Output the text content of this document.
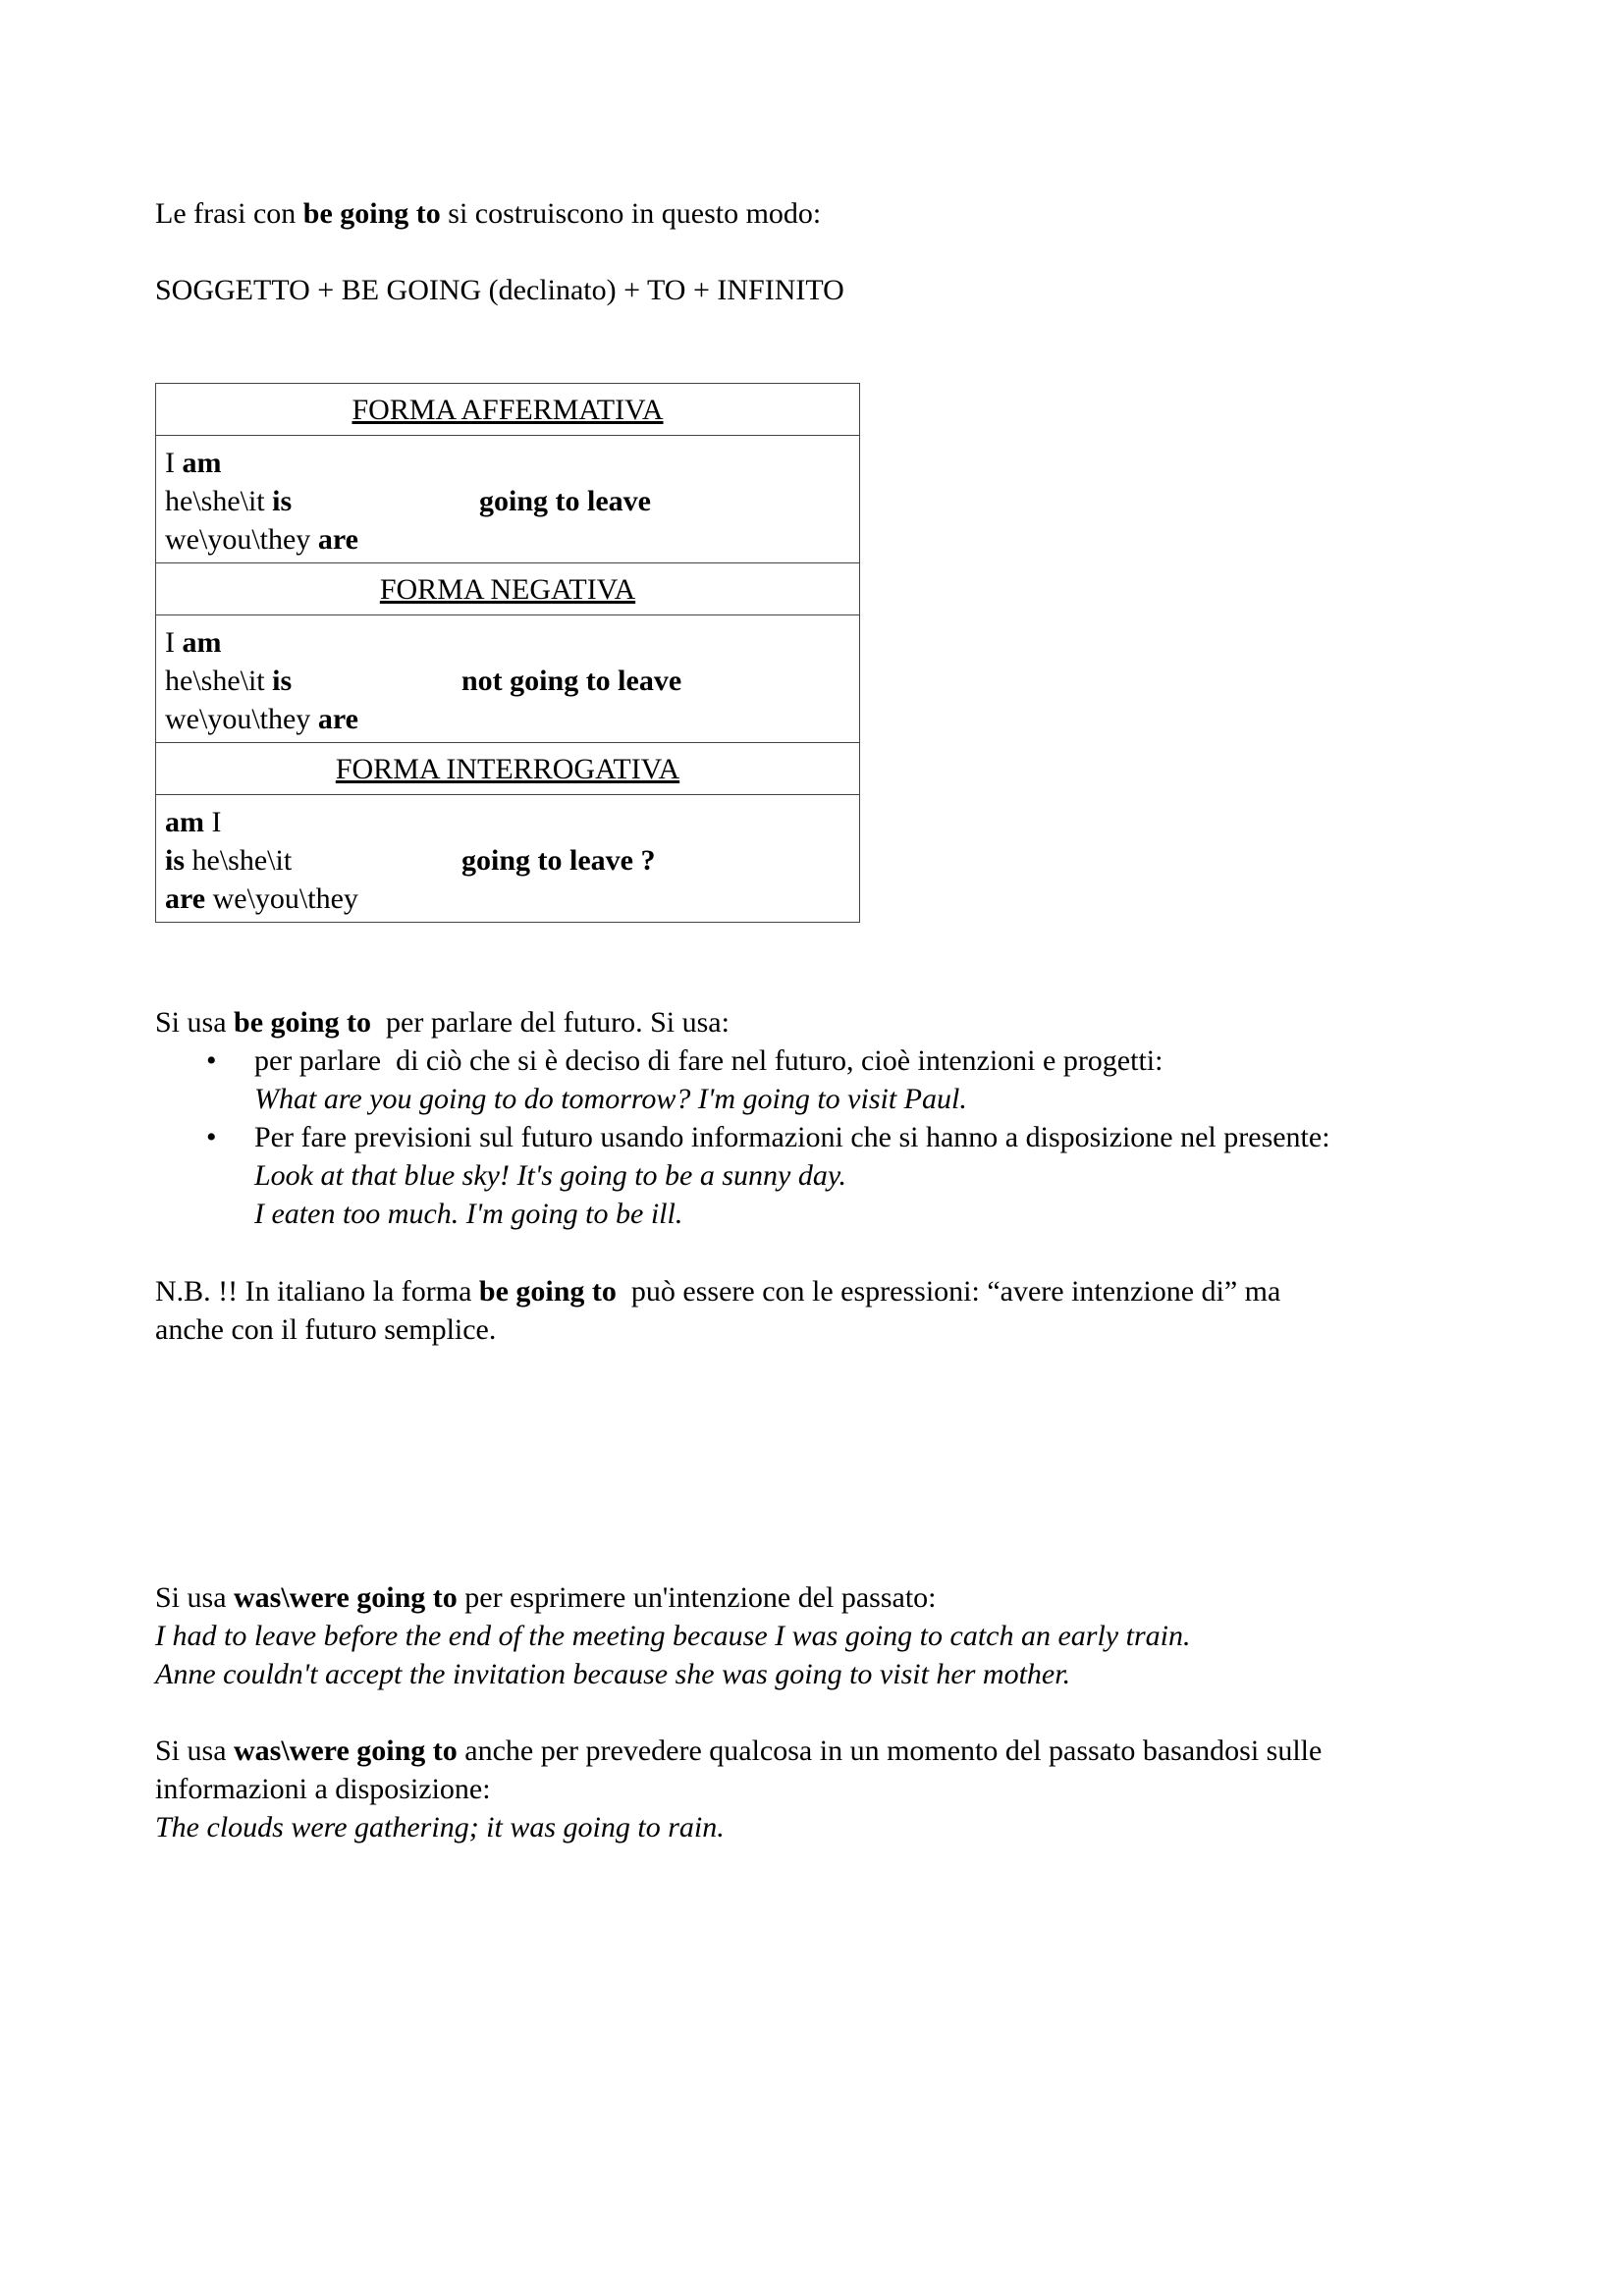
Le frasi con be going to si costruiscono in questo modo:

SOGGETTO + BE GOING (declinato) + TO + INFINITO

FORMA AFFERMATIVA

I am
he\she\it is
we\you\they are
going to leave

FORMA NEGATIVA

I am
he\she\it is
we\you\they are
not going to leave

FORMA INTERROGATIVA

am I
is he\she\it
are we\you\they
going to leave ?

Si usa be going to  per parlare del futuro. Si usa:

• per parlare  di ciò che si è deciso di fare nel futuro, cioè intenzioni e progetti:
What are you going to do tomorrow? I'm going to visit Paul.
• Per fare previsioni sul futuro usando informazioni che si hanno a disposizione nel presente:
Look at that blue sky! It's going to be a sunny day.
I eaten too much. I'm going to be ill.

N.B. !! In italiano la forma be going to  può essere con le espressioni: “avere intenzione di” ma

anche con il futuro semplice.

Si usa was\were going to per esprimere un'intenzione del passato:

I had to leave before the end of the meeting because I was going to catch an early train.

Anne couldn't accept the invitation because she was going to visit her mother.

Si usa was\were going to anche per prevedere qualcosa in un momento del passato basandosi sulle

informazioni a disposizione:

The clouds were gathering; it was going to rain.
